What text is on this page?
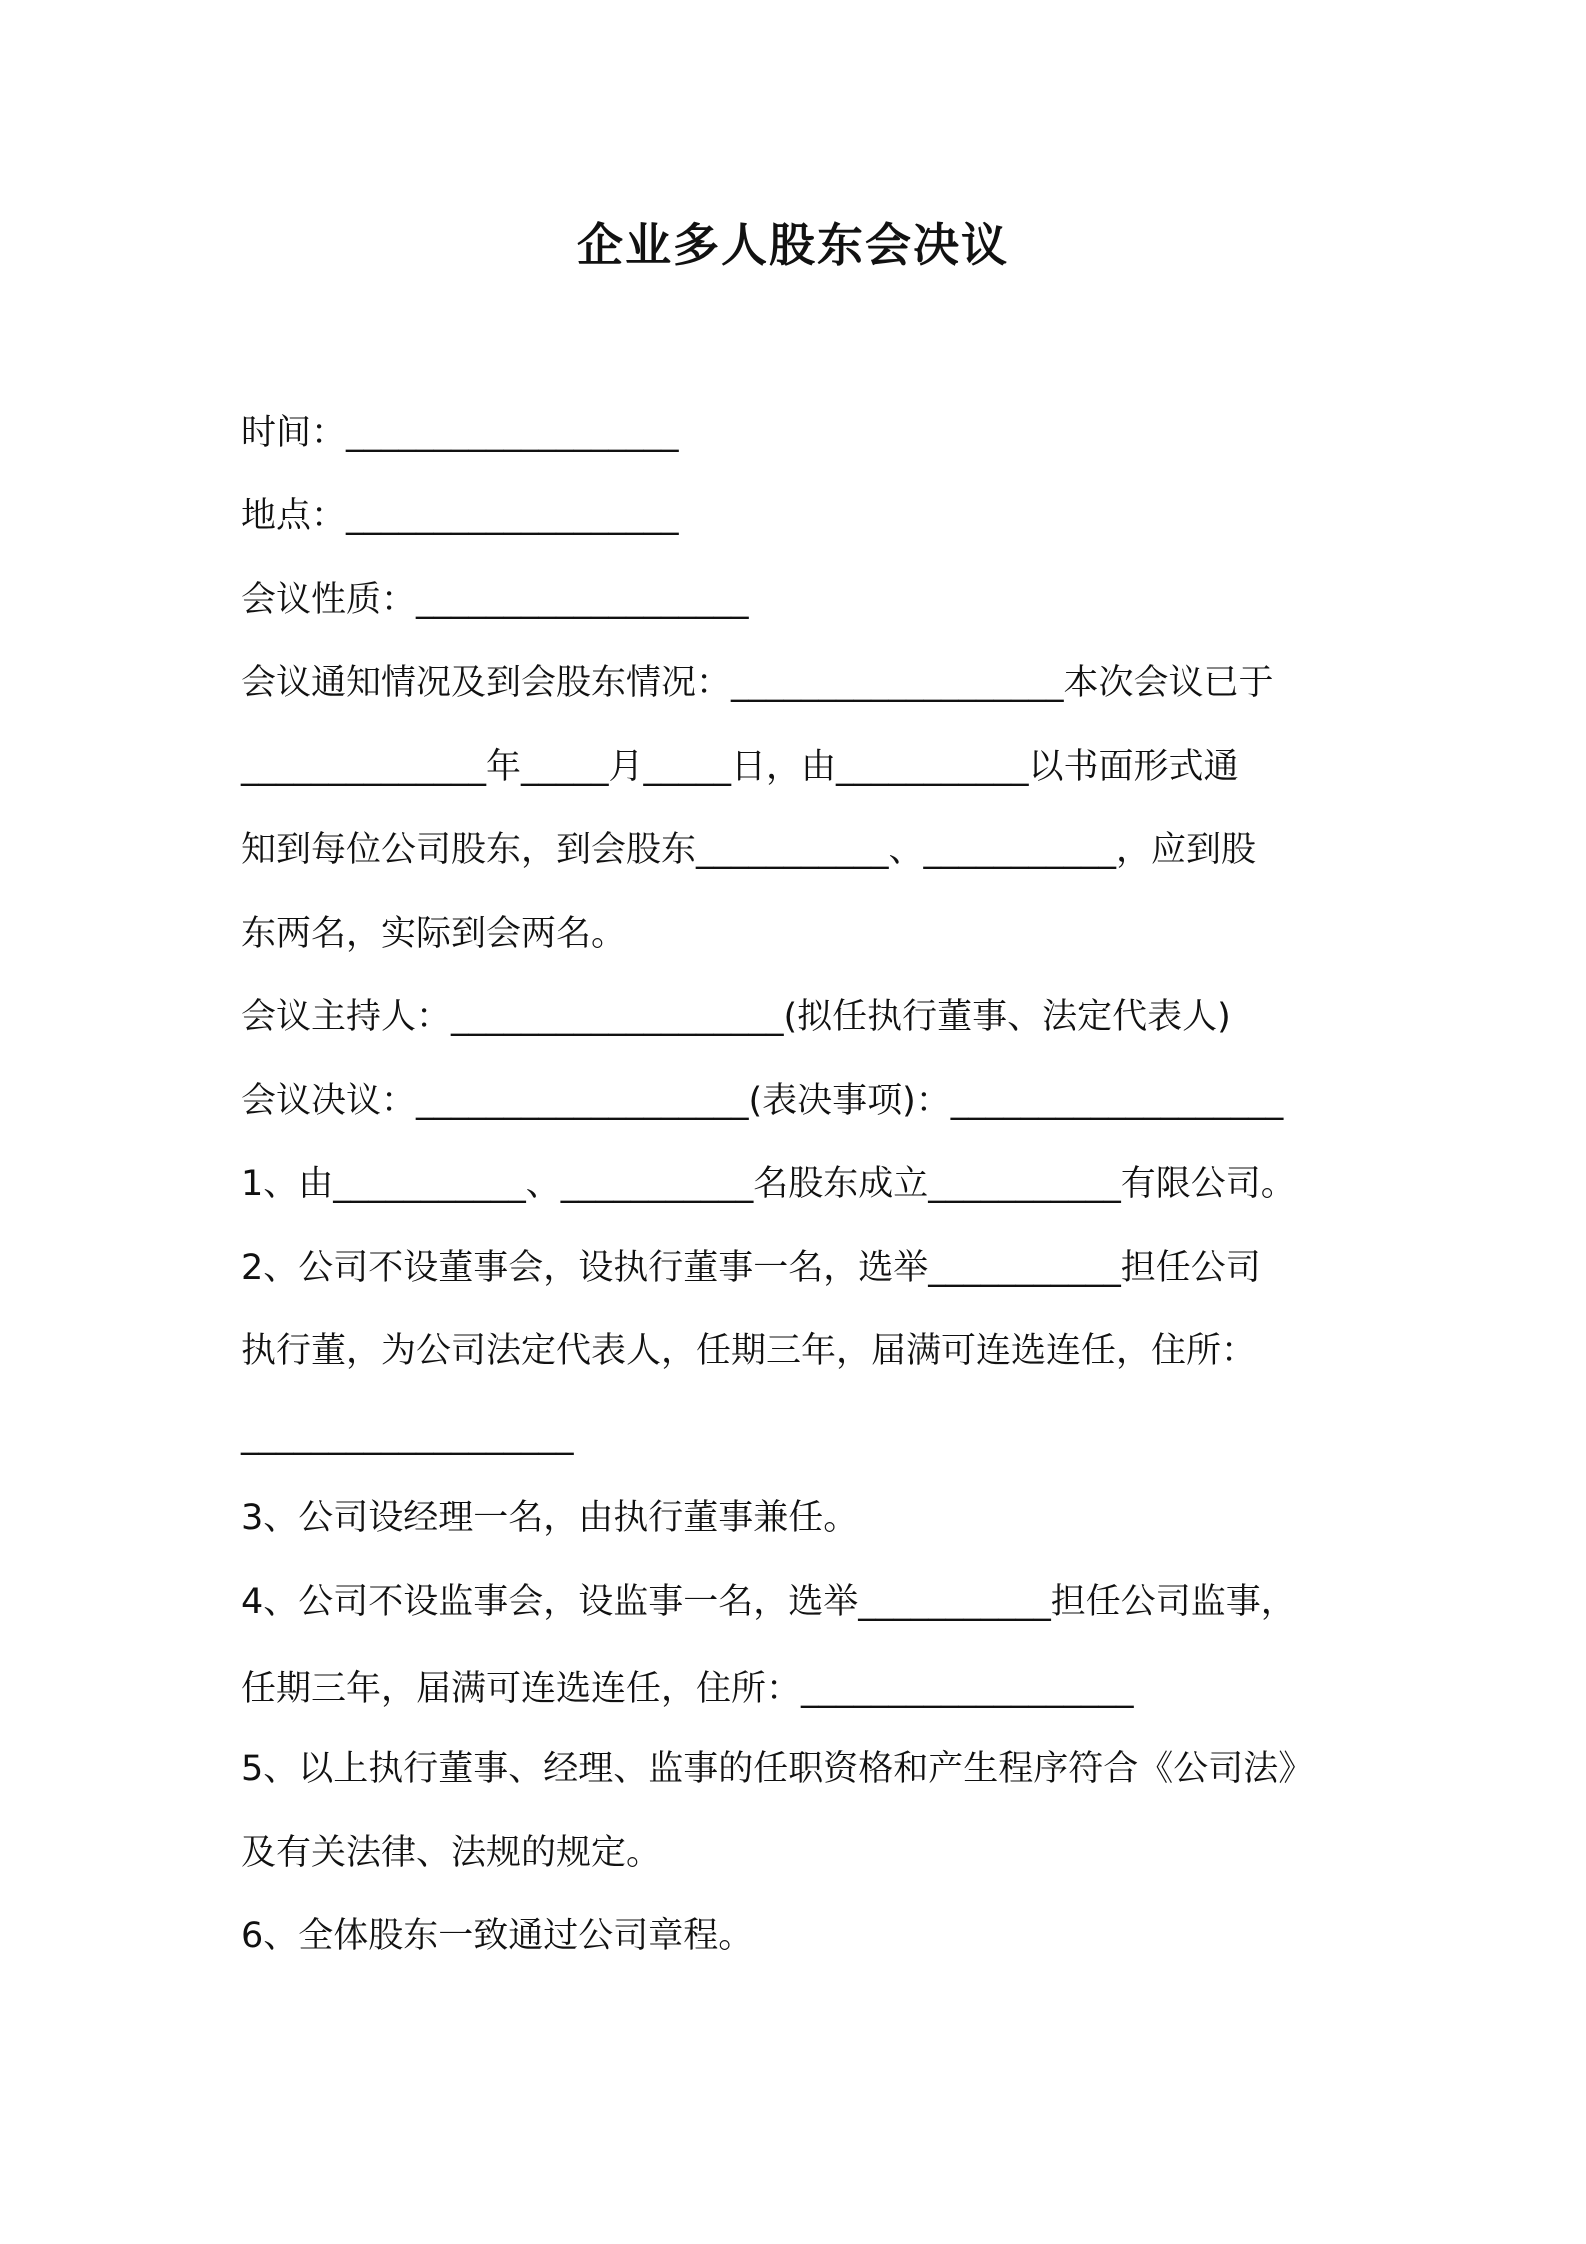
企业多人股东会决议
时间：___________________
地点：___________________
会议性质：___________________
会议通知情况及到会股东情况：___________________本次会议已于
______________年_____月_____日，由___________以书面形式通
知到每位公司股东，到会股东___________、___________，应到股
东两名，实际到会两名。
会议主持人：___________________(拟任执行董事、法定代表人)
会议决议：___________________(表决事项)：___________________
1、由___________、___________名股东成立___________有限公司。
2、公司不设董事会，设执行董事一名，选举___________担任公司
执行董，为公司法定代表人，任期三年，届满可连选连任，住所：
___________________
3、公司设经理一名，由执行董事兼任。
4、公司不设监事会，设监事一名，选举___________担任公司监事，
任期三年，届满可连选连任，住所：___________________
5、以上执行董事、经理、监事的任职资格和产生程序符合《公司法》
及有关法律、法规的规定。
6、全体股东一致通过公司章程。
